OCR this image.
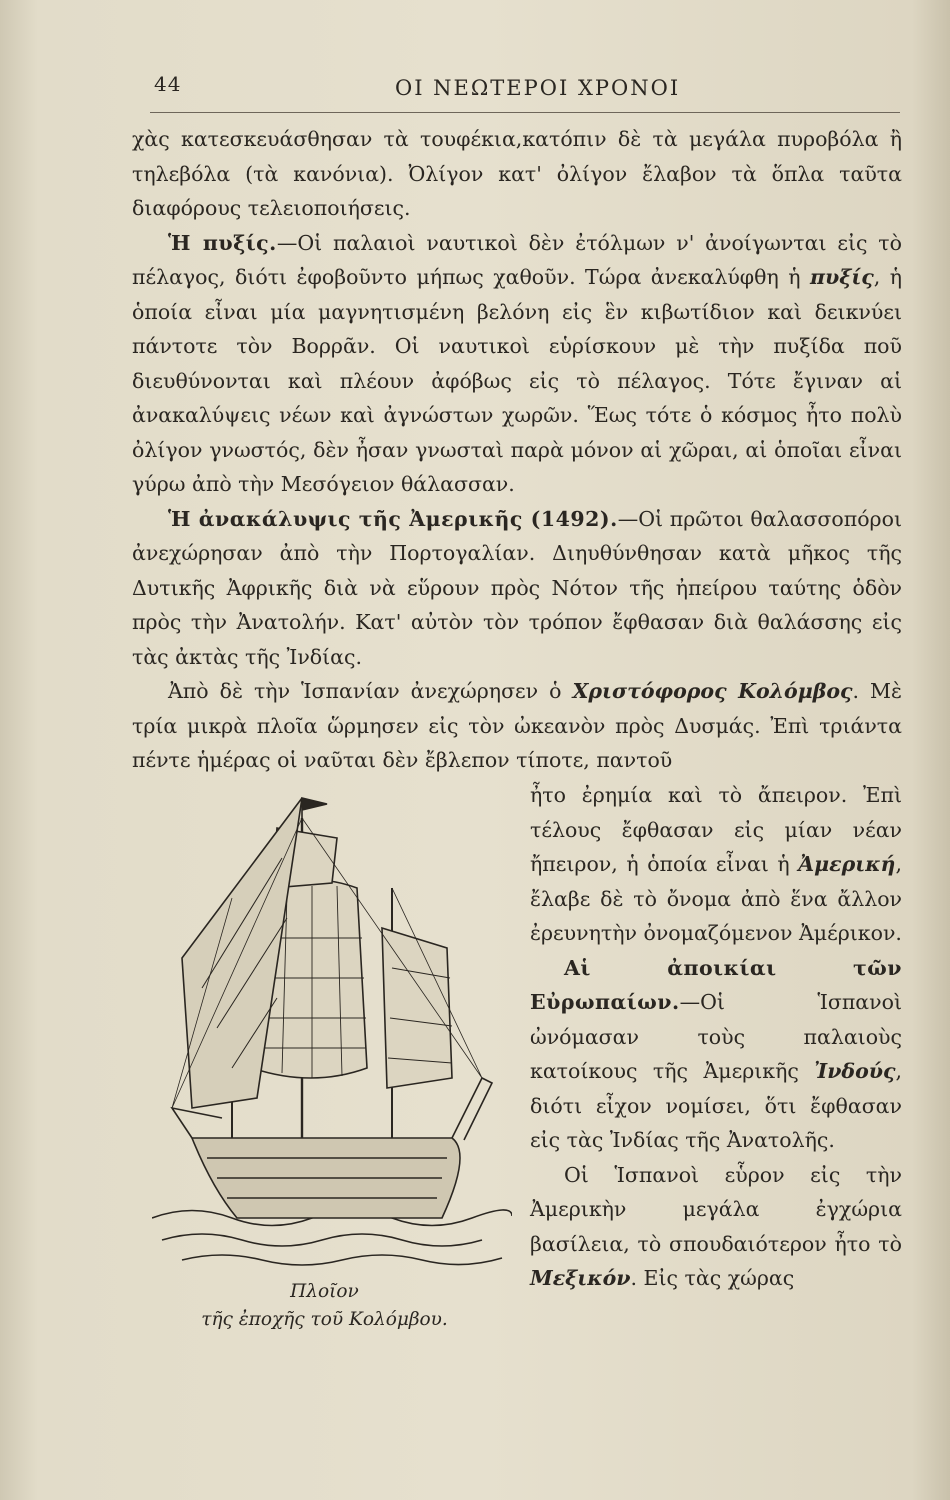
44	ΟΙ ΝΕΩΤΕΡΟΙ ΧΡΟΝΟΙ

χὰς κατεσκευάσθησαν τὰ τουφέκια,κατόπιν δὲ τὰ μεγάλα πυροβόλα ἢ τηλεβόλα (τὰ κανόνια). Ὀλίγον κατ' ὀλίγον ἔλαβον τὰ ὅπλα ταῦτα διαφόρους τελειοποιήσεις.

Ἡ πυξίς.—Οἱ παλαιοὶ ναυτικοὶ δὲν ἐτόλμων ν' ἀνοίγωνται εἰς τὸ πέλαγος, διότι ἐφοβοῦντο μήπως χαθοῦν. Τώρα ἀνεκαλύφθη ἡ πυξίς, ἡ ὁποία εἶναι μία μαγνητισμένη βελόνη εἰς ἓν κιβωτίδιον καὶ δεικνύει πάντοτε τὸν Βορρᾶν. Οἱ ναυτικοὶ εὑρίσκουν μὲ τὴν πυξίδα ποῦ διευθύνονται καὶ πλέουν ἀφόβως εἰς τὸ πέλαγος. Τότε ἔγιναν αἱ ἀνακαλύψεις νέων καὶ ἀγνώστων χωρῶν. Ἕως τότε ὁ κόσμος ἦτο πολὺ ὀλίγον γνωστός, δὲν ἦσαν γνωσταὶ παρὰ μόνον αἱ χῶραι, αἱ ὁποῖαι εἶναι γύρω ἀπὸ τὴν Μεσόγειον θάλασσαν.

Ἡ ἀνακάλυψις τῆς Ἀμερικῆς (1492).—Οἱ πρῶτοι θαλασσοπόροι ἀνεχώρησαν ἀπὸ τὴν Πορτογαλίαν. Διηυθύνθησαν κατὰ μῆκος τῆς Δυτικῆς Ἀφρικῆς διὰ νὰ εὕρουν πρὸς Νότον τῆς ἠπείρου ταύτης ὁδὸν πρὸς τὴν Ἀνατολήν. Κατ' αὐτὸν τὸν τρόπον ἔφθασαν διὰ θαλάσσης εἰς τὰς ἀκτὰς τῆς Ἰνδίας.

Ἀπὸ δὲ τὴν Ἱσπανίαν ἀνεχώρησεν ὁ Χριστόφορος Κολόμβος. Μὲ τρία μικρὰ πλοῖα ὥρμησεν εἰς τὸν ὠκεανὸν πρὸς Δυσμάς. Ἐπὶ τριάντα πέντε ἡμέρας οἱ ναῦται δὲν ἔβλεπον τίποτε, παντοῦ

Πλοῖον
τῆς ἐποχῆς τοῦ Κολόμβου.

ἦτο ἐρημία καὶ τὸ ἄπειρον. Ἐπὶ τέλους ἔφθασαν εἰς μίαν νέαν ἤπειρον, ἡ ὁποία εἶναι ἡ Ἀμερική, ἔλαβε δὲ τὸ ὄνομα ἀπὸ ἕνα ἄλλον ἐρευνητὴν ὀνομαζόμενον Ἀμέρικον.

Αἱ ἀποικίαι τῶν Εὐρωπαίων.—Οἱ Ἱσπανοὶ ὠνόμασαν τοὺς παλαιοὺς κατοίκους τῆς Ἀμερικῆς Ἰνδούς, διότι εἶχον νομίσει, ὅτι ἔφθασαν εἰς τὰς Ἰνδίας τῆς Ἀνατολῆς.

Οἱ Ἱσπανοὶ εὗρον εἰς τὴν Ἀμερικὴν μεγάλα ἐγχώρια βασίλεια, τὸ σπουδαιότερον ἦτο τὸ Μεξικόν. Εἰς τὰς χώρας
